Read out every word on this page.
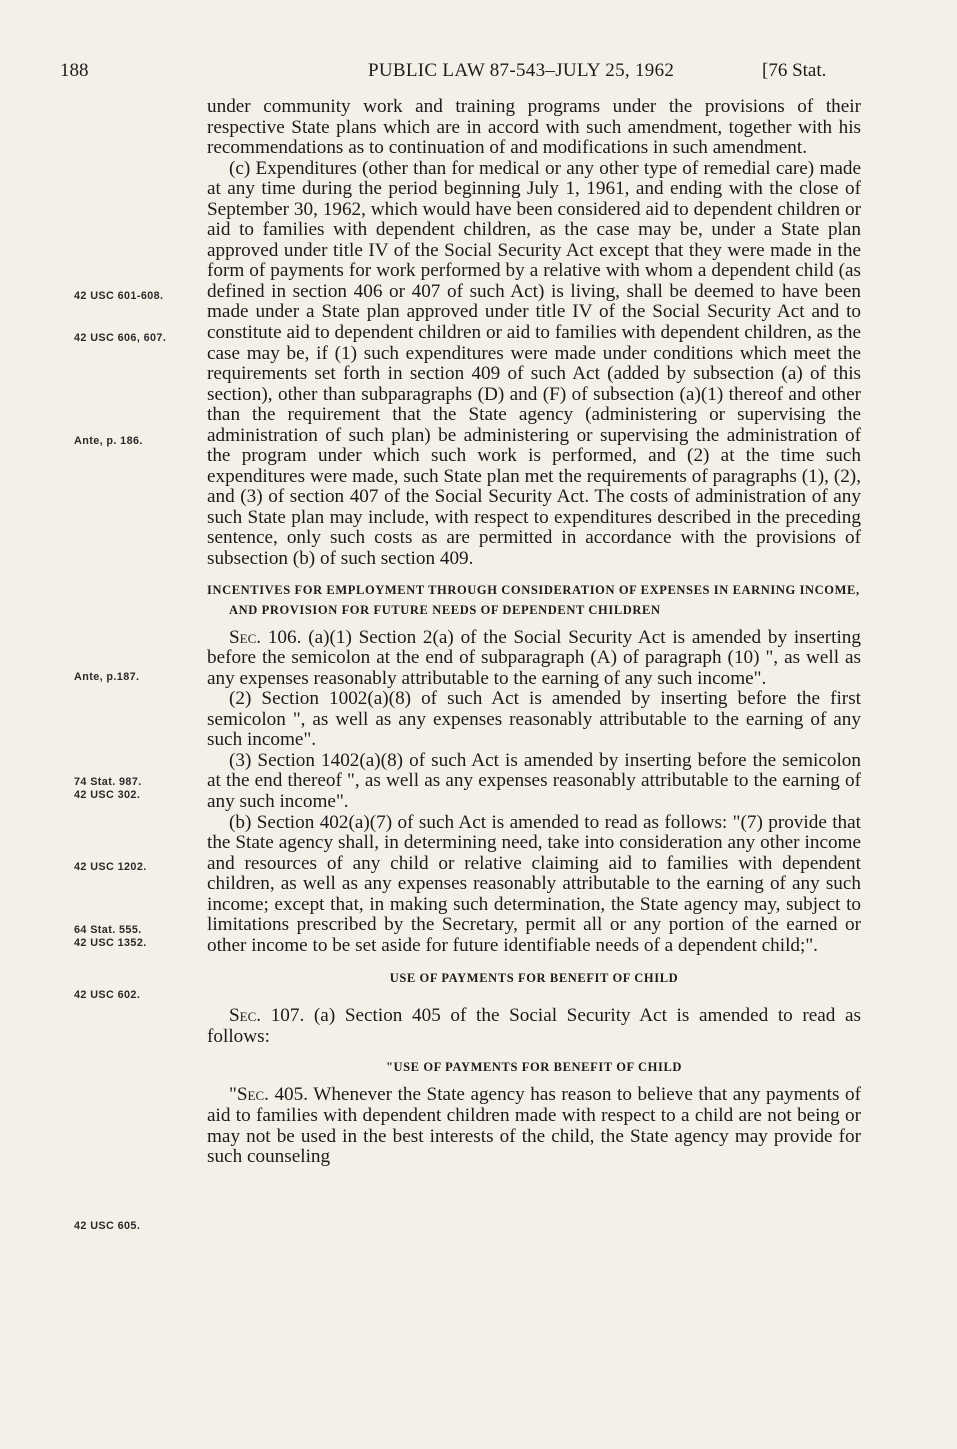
188	PUBLIC LAW 87-543–JULY 25, 1962	[76 Stat.
42 USC 601-608.
42 USC 606, 607.
Ante, p. 186.
Ante, p.187.
74 Stat. 987.
42 USC 302.
42 USC 1202.
64 Stat. 555.
42 USC 1352.
42 USC 602.
42 USC 605.

under community work and training programs under the provisions of their respective State plans which are in accord with such amendment, together with his recommendations as to continuation of and modifications in such amendment.

(c) Expenditures (other than for medical or any other type of remedial care) made at any time during the period beginning July 1, 1961, and ending with the close of September 30, 1962, which would have been considered aid to dependent children or aid to families with dependent children, as the case may be, under a State plan approved under title IV of the Social Security Act except that they were made in the form of payments for work performed by a relative with whom a dependent child (as defined in section 406 or 407 of such Act) is living, shall be deemed to have been made under a State plan approved under title IV of the Social Security Act and to constitute aid to dependent children or aid to families with dependent children, as the case may be, if (1) such expenditures were made under conditions which meet the requirements set forth in section 409 of such Act (added by subsection (a) of this section), other than subparagraphs (D) and (F) of subsection (a)(1) thereof and other than the requirement that the State agency (administering or supervising the administration of such plan) be administering or supervising the administration of the program under which such work is performed, and (2) at the time such expenditures were made, such State plan met the requirements of paragraphs (1), (2), and (3) of section 407 of the Social Security Act. The costs of administration of any such State plan may include, with respect to expenditures described in the preceding sentence, only such costs as are permitted in accordance with the provisions of subsection (b) of such section 409.

INCENTIVES FOR EMPLOYMENT THROUGH CONSIDERATION OF EXPENSES IN EARNING INCOME, AND PROVISION FOR FUTURE NEEDS OF DEPENDENT CHILDREN

Sec. 106. (a)(1) Section 2(a) of the Social Security Act is amended by inserting before the semicolon at the end of subparagraph (A) of paragraph (10) ", as well as any expenses reasonably attributable to the earning of any such income".

(2) Section 1002(a)(8) of such Act is amended by inserting before the first semicolon ", as well as any expenses reasonably attributable to the earning of any such income".

(3) Section 1402(a)(8) of such Act is amended by inserting before the semicolon at the end thereof ", as well as any expenses reasonably attributable to the earning of any such income".

(b) Section 402(a)(7) of such Act is amended to read as follows: "(7) provide that the State agency shall, in determining need, take into consideration any other income and resources of any child or relative claiming aid to families with dependent children, as well as any expenses reasonably attributable to the earning of any such income; except that, in making such determination, the State agency may, subject to limitations prescribed by the Secretary, permit all or any portion of the earned or other income to be set aside for future identifiable needs of a dependent child;".

USE OF PAYMENTS FOR BENEFIT OF CHILD

Sec. 107. (a) Section 405 of the Social Security Act is amended to read as follows:

"USE OF PAYMENTS FOR BENEFIT OF CHILD

"Sec. 405. Whenever the State agency has reason to believe that any payments of aid to families with dependent children made with respect to a child are not being or may not be used in the best interests of the child, the State agency may provide for such counseling
